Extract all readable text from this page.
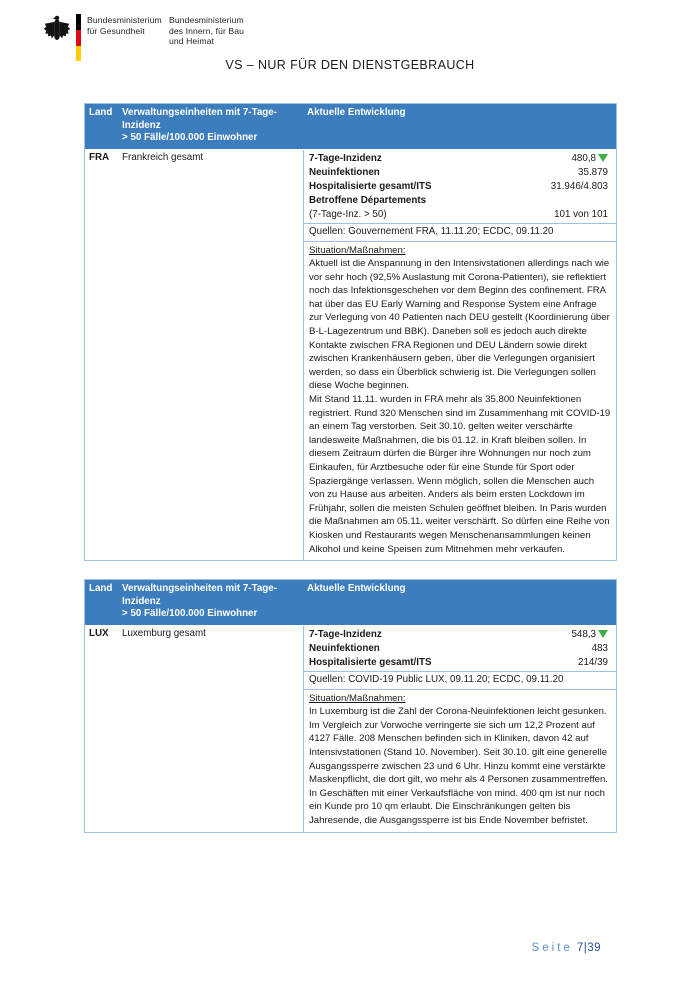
Bundesministerium
für Gesundheit
Bundesministerium
des Innern, für Bau
und Heimat
VS – NUR FÜR DEN DIENSTGEBRAUCH
Land Verwaltungseinheiten mit 7-Tage-Inzidenz
> 50 Fälle/100.000 Einwohner
Aktuelle Entwicklung
FRA	Frankreich gesamt	7-Tage-Inzidenz	480,8
Neuinfektionen	35.879
Hospitalisierte gesamt/ITS	31.946/4.803
Betroffene Départements
(7-Tage-Inz. > 50)	101 von 101
Quellen: Gouvernement FRA, 11.11.20; ECDC, 09.11.20
Situation/Maßnahmen:

Aktuell ist die Anspannung in den Intensivstationen allerdings nach wie vor sehr hoch (92,5% Auslastung mit Corona-Patienten), sie reflektiert noch das Infektionsgeschehen vor dem Beginn des confinement. FRA hat über das EU Early Warning and Response System eine Anfrage zur Verlegung von 40 Patienten nach DEU gestellt (Koordinierung über B-L-Lagezentrum und BBK). Daneben soll es jedoch auch direkte Kontakte zwischen FRA Regionen und DEU Ländern sowie direkt zwischen Krankenhäusern geben, über die Verlegungen organisiert werden, so dass ein Überblick schwierig ist. Die Verlegungen sollen diese Woche beginnen.

Mit Stand 11.11. wurden in FRA mehr als 35.800 Neuinfektionen registriert. Rund 320 Menschen sind im Zusammenhang mit COVID-19 an einem Tag verstorben. Seit 30.10. gelten weiter verschärfte landesweite Maßnahmen, die bis 01.12. in Kraft bleiben sollen. In diesem Zeitraum dürfen die Bürger ihre Wohnungen nur noch zum Einkaufen, für Arztbesuche oder für eine Stunde für Sport oder Spaziergänge verlassen. Wenn möglich, sollen die Menschen auch von zu Hause aus arbeiten. Anders als beim ersten Lockdown im Frühjahr, sollen die meisten Schulen geöffnet bleiben. In Paris wurden die Maßnahmen am 05.11. weiter verschärft. So dürfen eine Reihe von Kiosken und Restaurants wegen Menschenansammlungen keinen Alkohol und keine Speisen zum Mitnehmen mehr verkaufen.

Land Verwaltungseinheiten mit 7-Tage-Inzidenz
> 50 Fälle/100.000 Einwohner
Aktuelle Entwicklung
LUX	Luxemburg gesamt	7-Tage-Inzidenz	548,3
Neuinfektionen	483
Hospitalisierte gesamt/ITS	214/39
Quellen: COVID-19 Public LUX, 09.11.20; ECDC, 09.11.20
Situation/Maßnahmen:

In Luxemburg ist die Zahl der Corona-Neuinfektionen leicht gesunken. Im Vergleich zur Vorwoche verringerte sie sich um 12,2 Prozent auf 4127 Fälle. 208 Menschen befinden sich in Kliniken, davon 42 auf Intensivstationen (Stand 10. November). Seit 30.10. gilt eine generelle Ausgangssperre zwischen 23 und 6 Uhr. Hinzu kommt eine verstärkte Maskenpflicht, die dort gilt, wo mehr als 4 Personen zusammentreffen. In Geschäften mit einer Verkaufsfläche von mind. 400 qm ist nur noch ein Kunde pro 10 qm erlaubt. Die Einschränkungen gelten bis Jahresende, die Ausgangssperre ist bis Ende November befristet.

Seite 7|39
